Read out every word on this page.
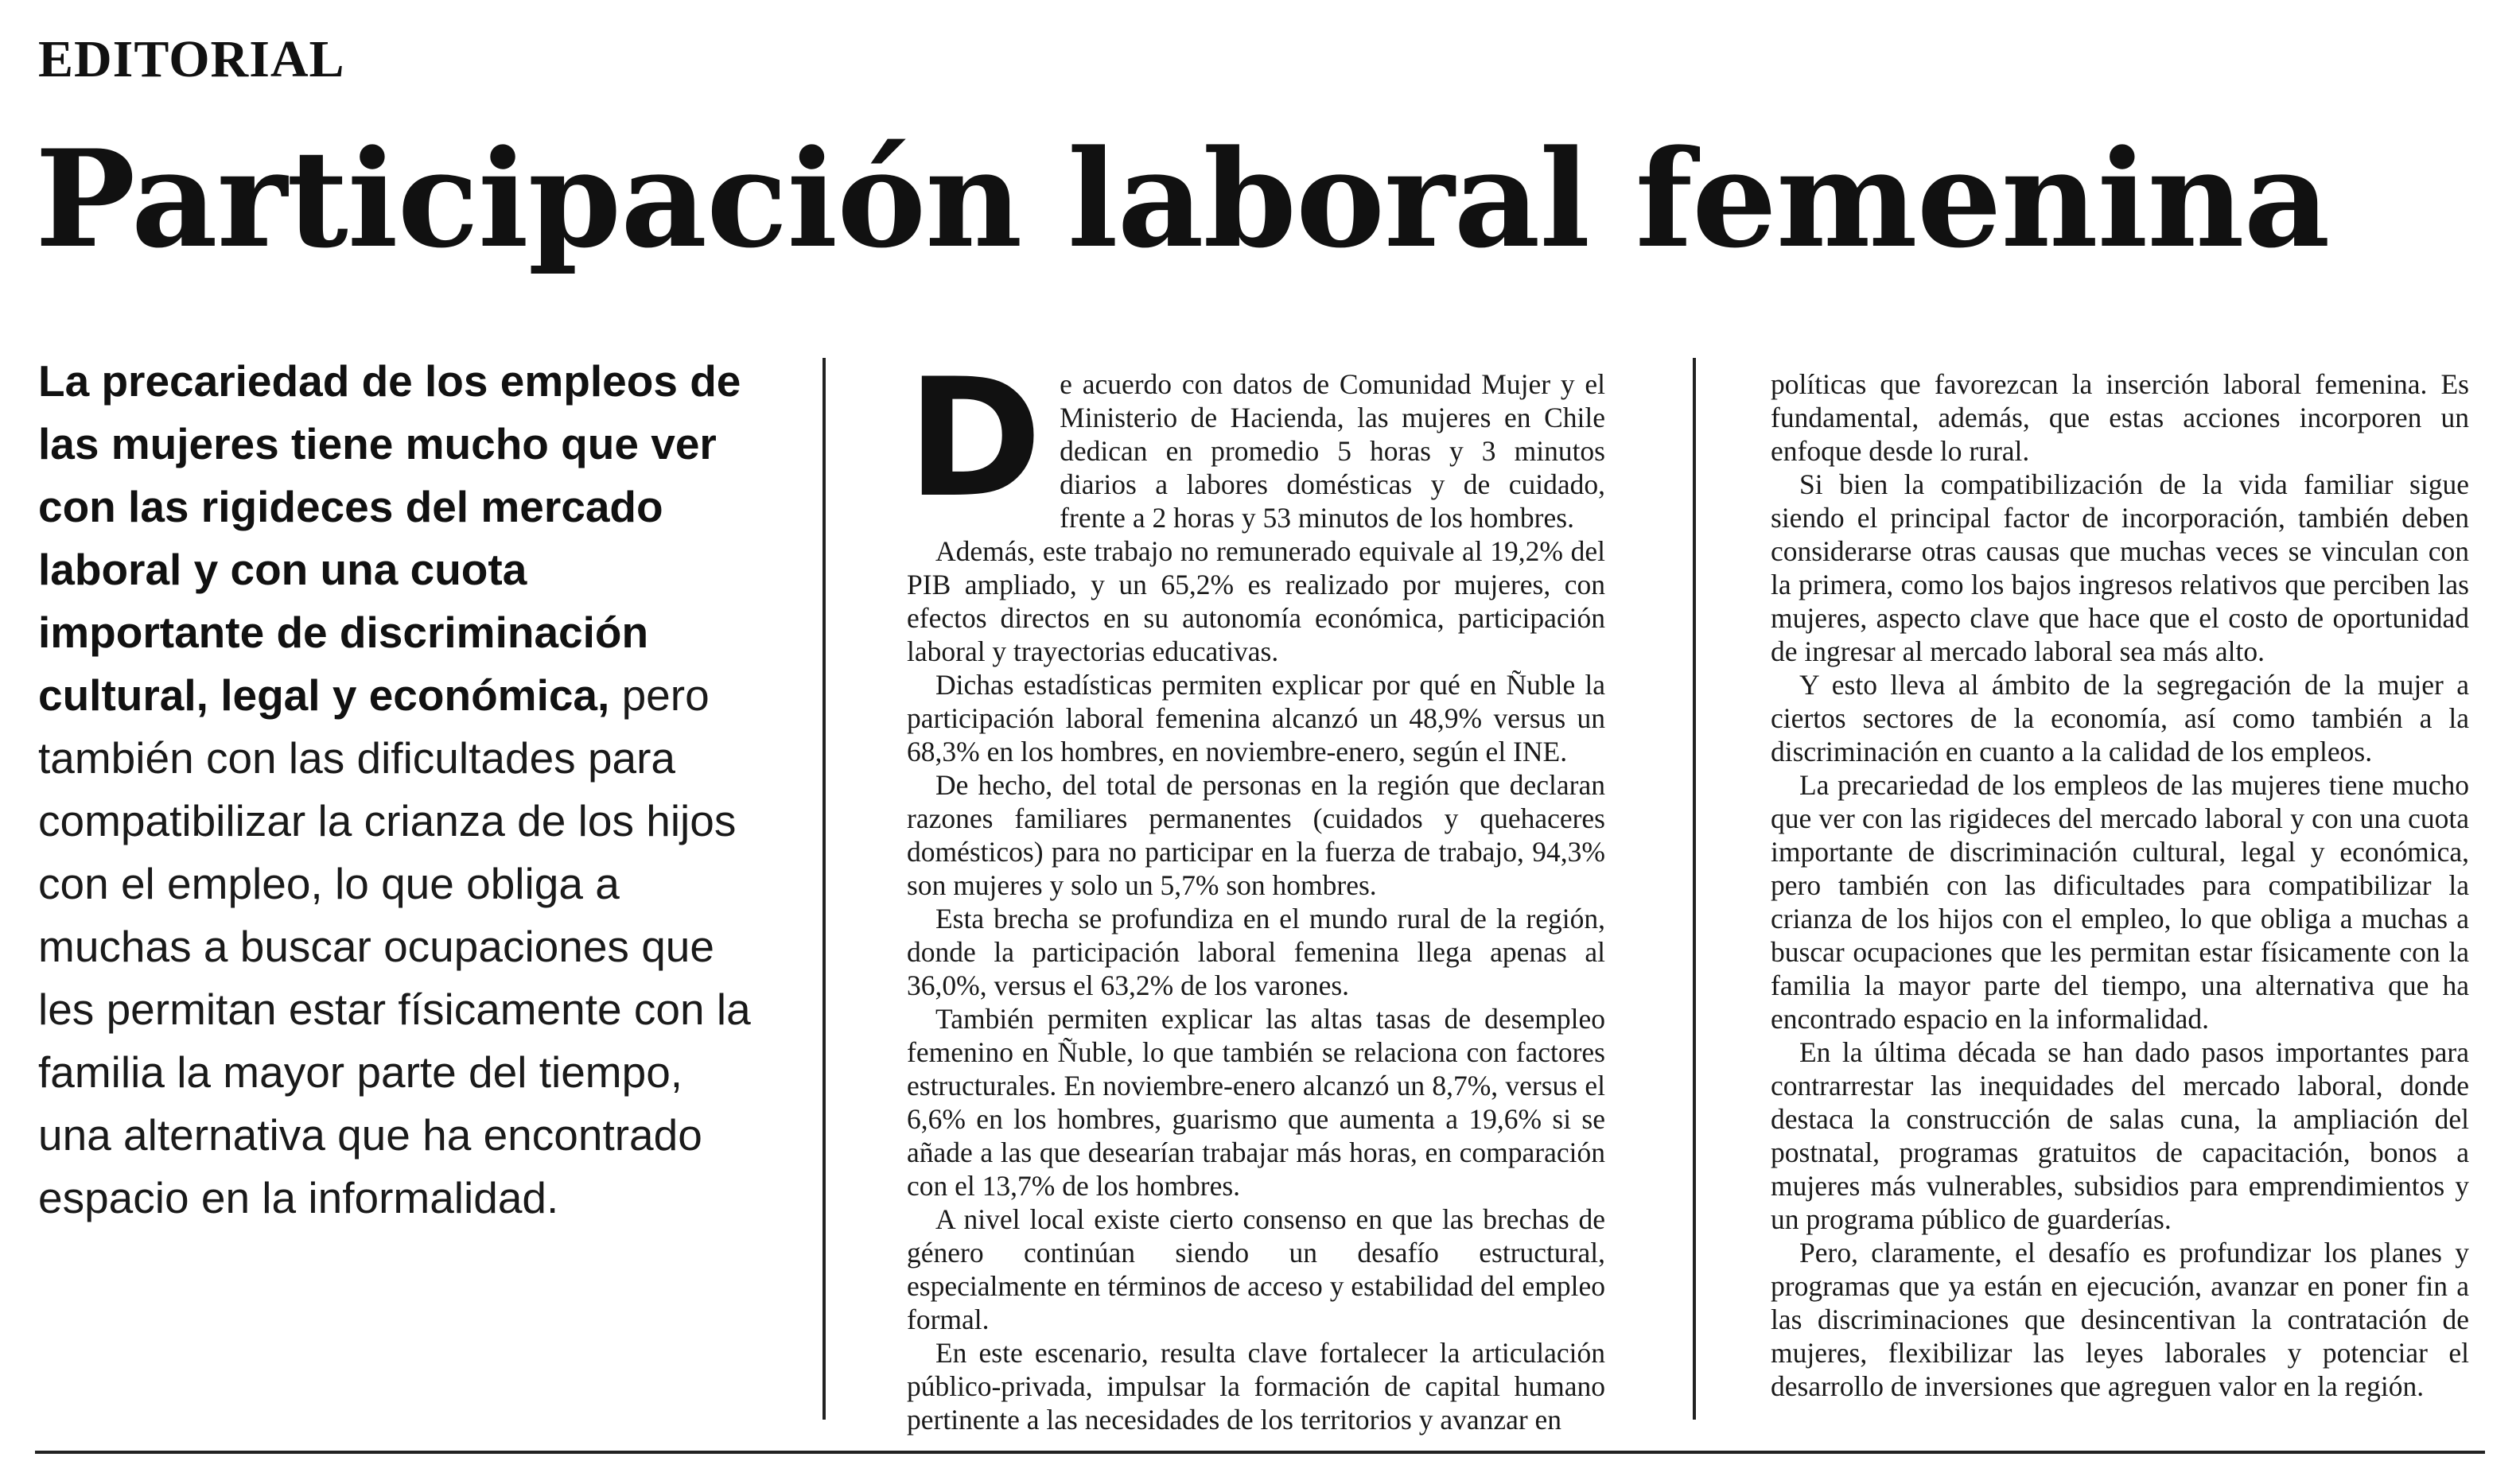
EDITORIAL
Participación laboral femenina
La precariedad de los empleos de las mujeres tiene mucho que ver con las rigideces del mercado laboral y con una cuota importante de discriminación cultural, legal y económica, pero también con las dificultades para compatibilizar la crianza de los hijos con el empleo, lo que obliga a muchas a buscar ocupaciones que les permitan estar físicamente con la familia la mayor parte del tiempo, una alternativa que ha encontrado espacio en la informalidad.
D e acuerdo con datos de Comunidad Mujer y el Ministerio de Hacienda, las mujeres en Chile dedican en promedio 5 horas y 3 minutos diarios a labores domésticas y de cuidado, frente a 2 horas y 53 minutos de los hombres.

Además, este trabajo no remunerado equivale al 19,2% del PIB ampliado, y un 65,2% es realizado por mujeres, con efectos directos en su autonomía económica, participación laboral y trayectorias educativas.

Dichas estadísticas permiten explicar por qué en Ñuble la participación laboral femenina alcanzó un 48,9% versus un 68,3% en los hombres, en noviembre-enero, según el INE.

De hecho, del total de personas en la región que declaran razones familiares permanentes (cuidados y quehaceres domésticos) para no participar en la fuerza de trabajo, 94,3% son mujeres y solo un 5,7% son hombres.

Esta brecha se profundiza en el mundo rural de la región, donde la participación laboral femenina llega apenas al 36,0%, versus el 63,2% de los varones.

También permiten explicar las altas tasas de desempleo femenino en Ñuble, lo que también se relaciona con factores estructurales. En noviembre-enero alcanzó un 8,7%, versus el 6,6% en los hombres, guarismo que aumenta a 19,6% si se añade a las que desearían trabajar más horas, en comparación con el 13,7% de los hombres.

A nivel local existe cierto consenso en que las brechas de género continúan siendo un desafío estructural, especialmente en términos de acceso y estabilidad del empleo formal.

En este escenario, resulta clave fortalecer la articulación público-privada, impulsar la formación de capital humano pertinente a las necesidades de los territorios y avanzar en

políticas que favorezcan la inserción laboral femenina. Es fundamental, además, que estas acciones incorporen un enfoque desde lo rural.

Si bien la compatibilización de la vida familiar sigue siendo el principal factor de incorporación, también deben considerarse otras causas que muchas veces se vinculan con la primera, como los bajos ingresos relativos que perciben las mujeres, aspecto clave que hace que el costo de oportunidad de ingresar al mercado laboral sea más alto.

Y esto lleva al ámbito de la segregación de la mujer a ciertos sectores de la economía, así como también a la discriminación en cuanto a la calidad de los empleos.

La precariedad de los empleos de las mujeres tiene mucho que ver con las rigideces del mercado laboral y con una cuota importante de discriminación cultural, legal y económica, pero también con las dificultades para compatibilizar la crianza de los hijos con el empleo, lo que obliga a muchas a buscar ocupaciones que les permitan estar físicamente con la familia la mayor parte del tiempo, una alternativa que ha encontrado espacio en la informalidad.

En la última década se han dado pasos importantes para contrarrestar las inequidades del mercado laboral, donde destaca la construcción de salas cuna, la ampliación del postnatal, programas gratuitos de capacitación, bonos a mujeres más vulnerables, subsidios para emprendimientos y un programa público de guarderías.

Pero, claramente, el desafío es profundizar los planes y programas que ya están en ejecución, avanzar en poner fin a las discriminaciones que desincentivan la contratación de mujeres, flexibilizar las leyes laborales y potenciar el desarrollo de inversiones que agreguen valor en la región.
